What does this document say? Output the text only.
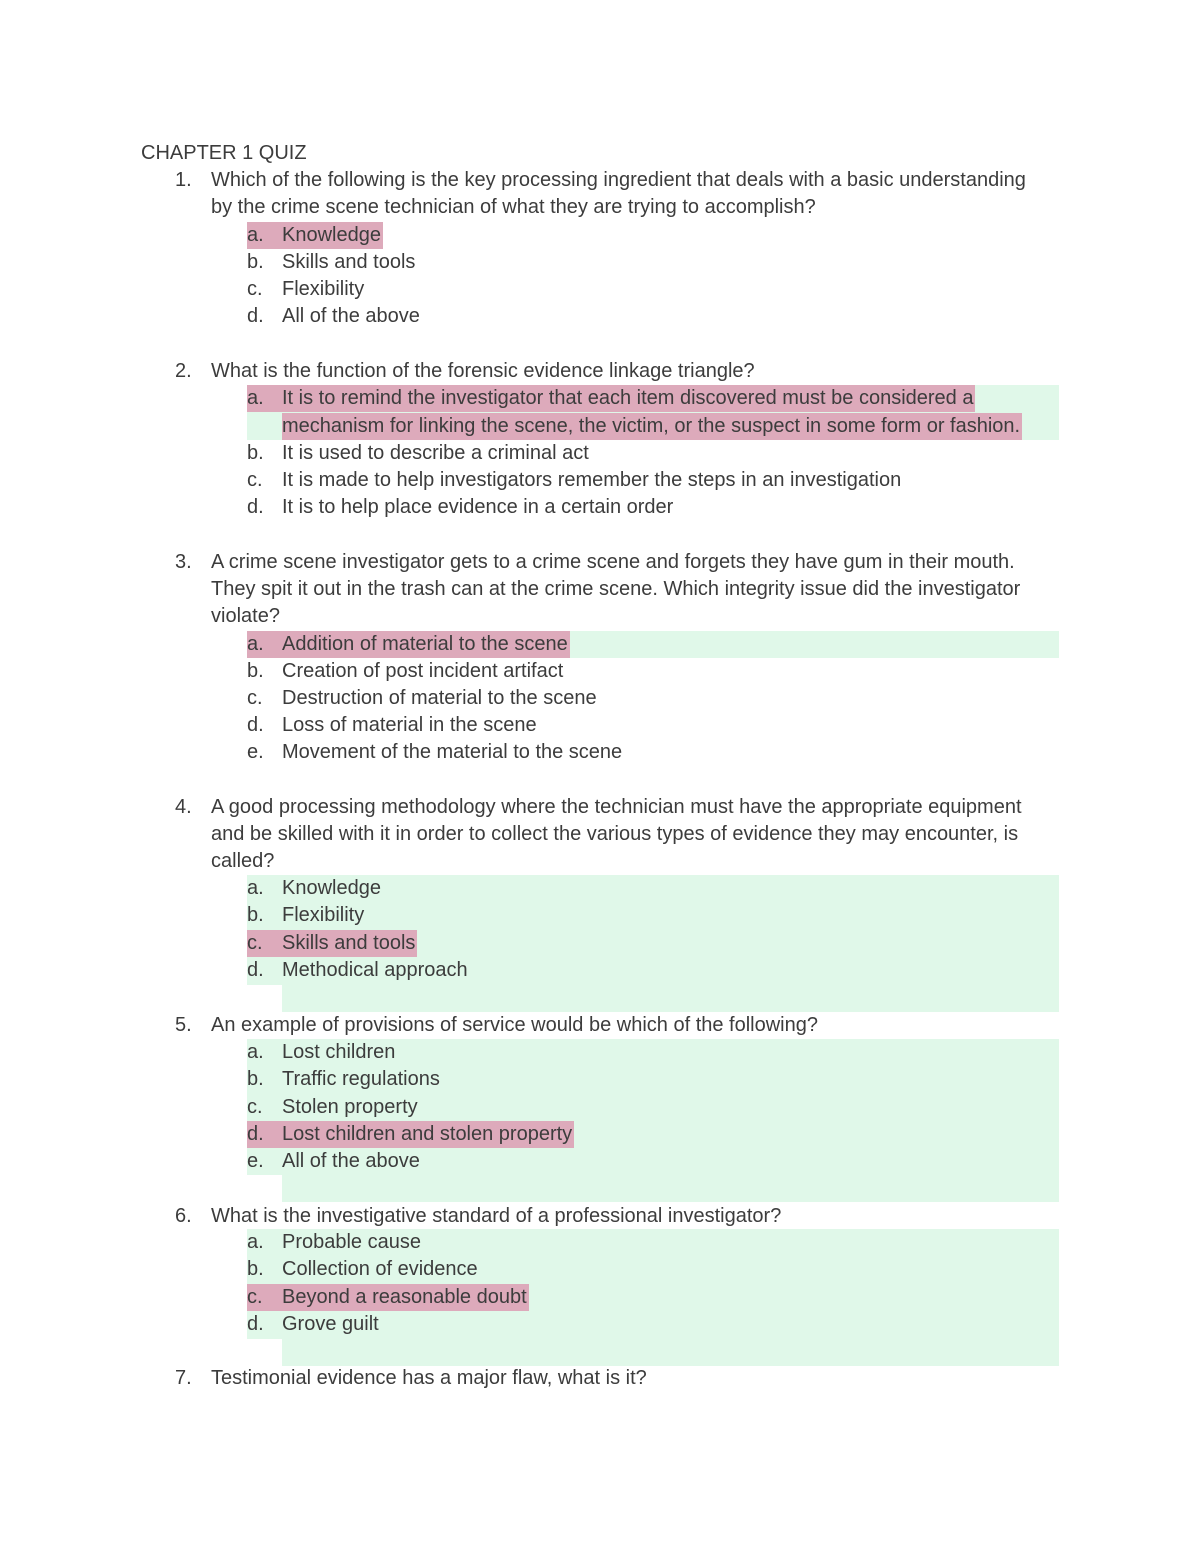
CHAPTER 1 QUIZ
1. Which of the following is the key processing ingredient that deals with a basic understanding
by the crime scene technician of what they are trying to accomplish?
a. Knowledge
b. Skills and tools
c. Flexibility
d. All of the above
2. What is the function of the forensic evidence linkage triangle?
a. It is to remind the investigator that each item discovered must be considered a
mechanism for linking the scene, the victim, or the suspect in some form or fashion.
b. It is used to describe a criminal act
c. It is made to help investigators remember the steps in an investigation
d. It is to help place evidence in a certain order
3. A crime scene investigator gets to a crime scene and forgets they have gum in their mouth.
They spit it out in the trash can at the crime scene. Which integrity issue did the investigator
violate?
a. Addition of material to the scene
b. Creation of post incident artifact
c. Destruction of material to the scene
d. Loss of material in the scene
e. Movement of the material to the scene
4. A good processing methodology where the technician must have the appropriate equipment
and be skilled with it in order to collect the various types of evidence they may encounter, is
called?
a. Knowledge
b. Flexibility
c. Skills and tools
d. Methodical approach
5. An example of provisions of service would be which of the following?
a. Lost children
b. Traffic regulations
c. Stolen property
d. Lost children and stolen property
e. All of the above
6. What is the investigative standard of a professional investigator?
a. Probable cause
b. Collection of evidence
c. Beyond a reasonable doubt
d. Grove guilt
7. Testimonial evidence has a major flaw, what is it?
